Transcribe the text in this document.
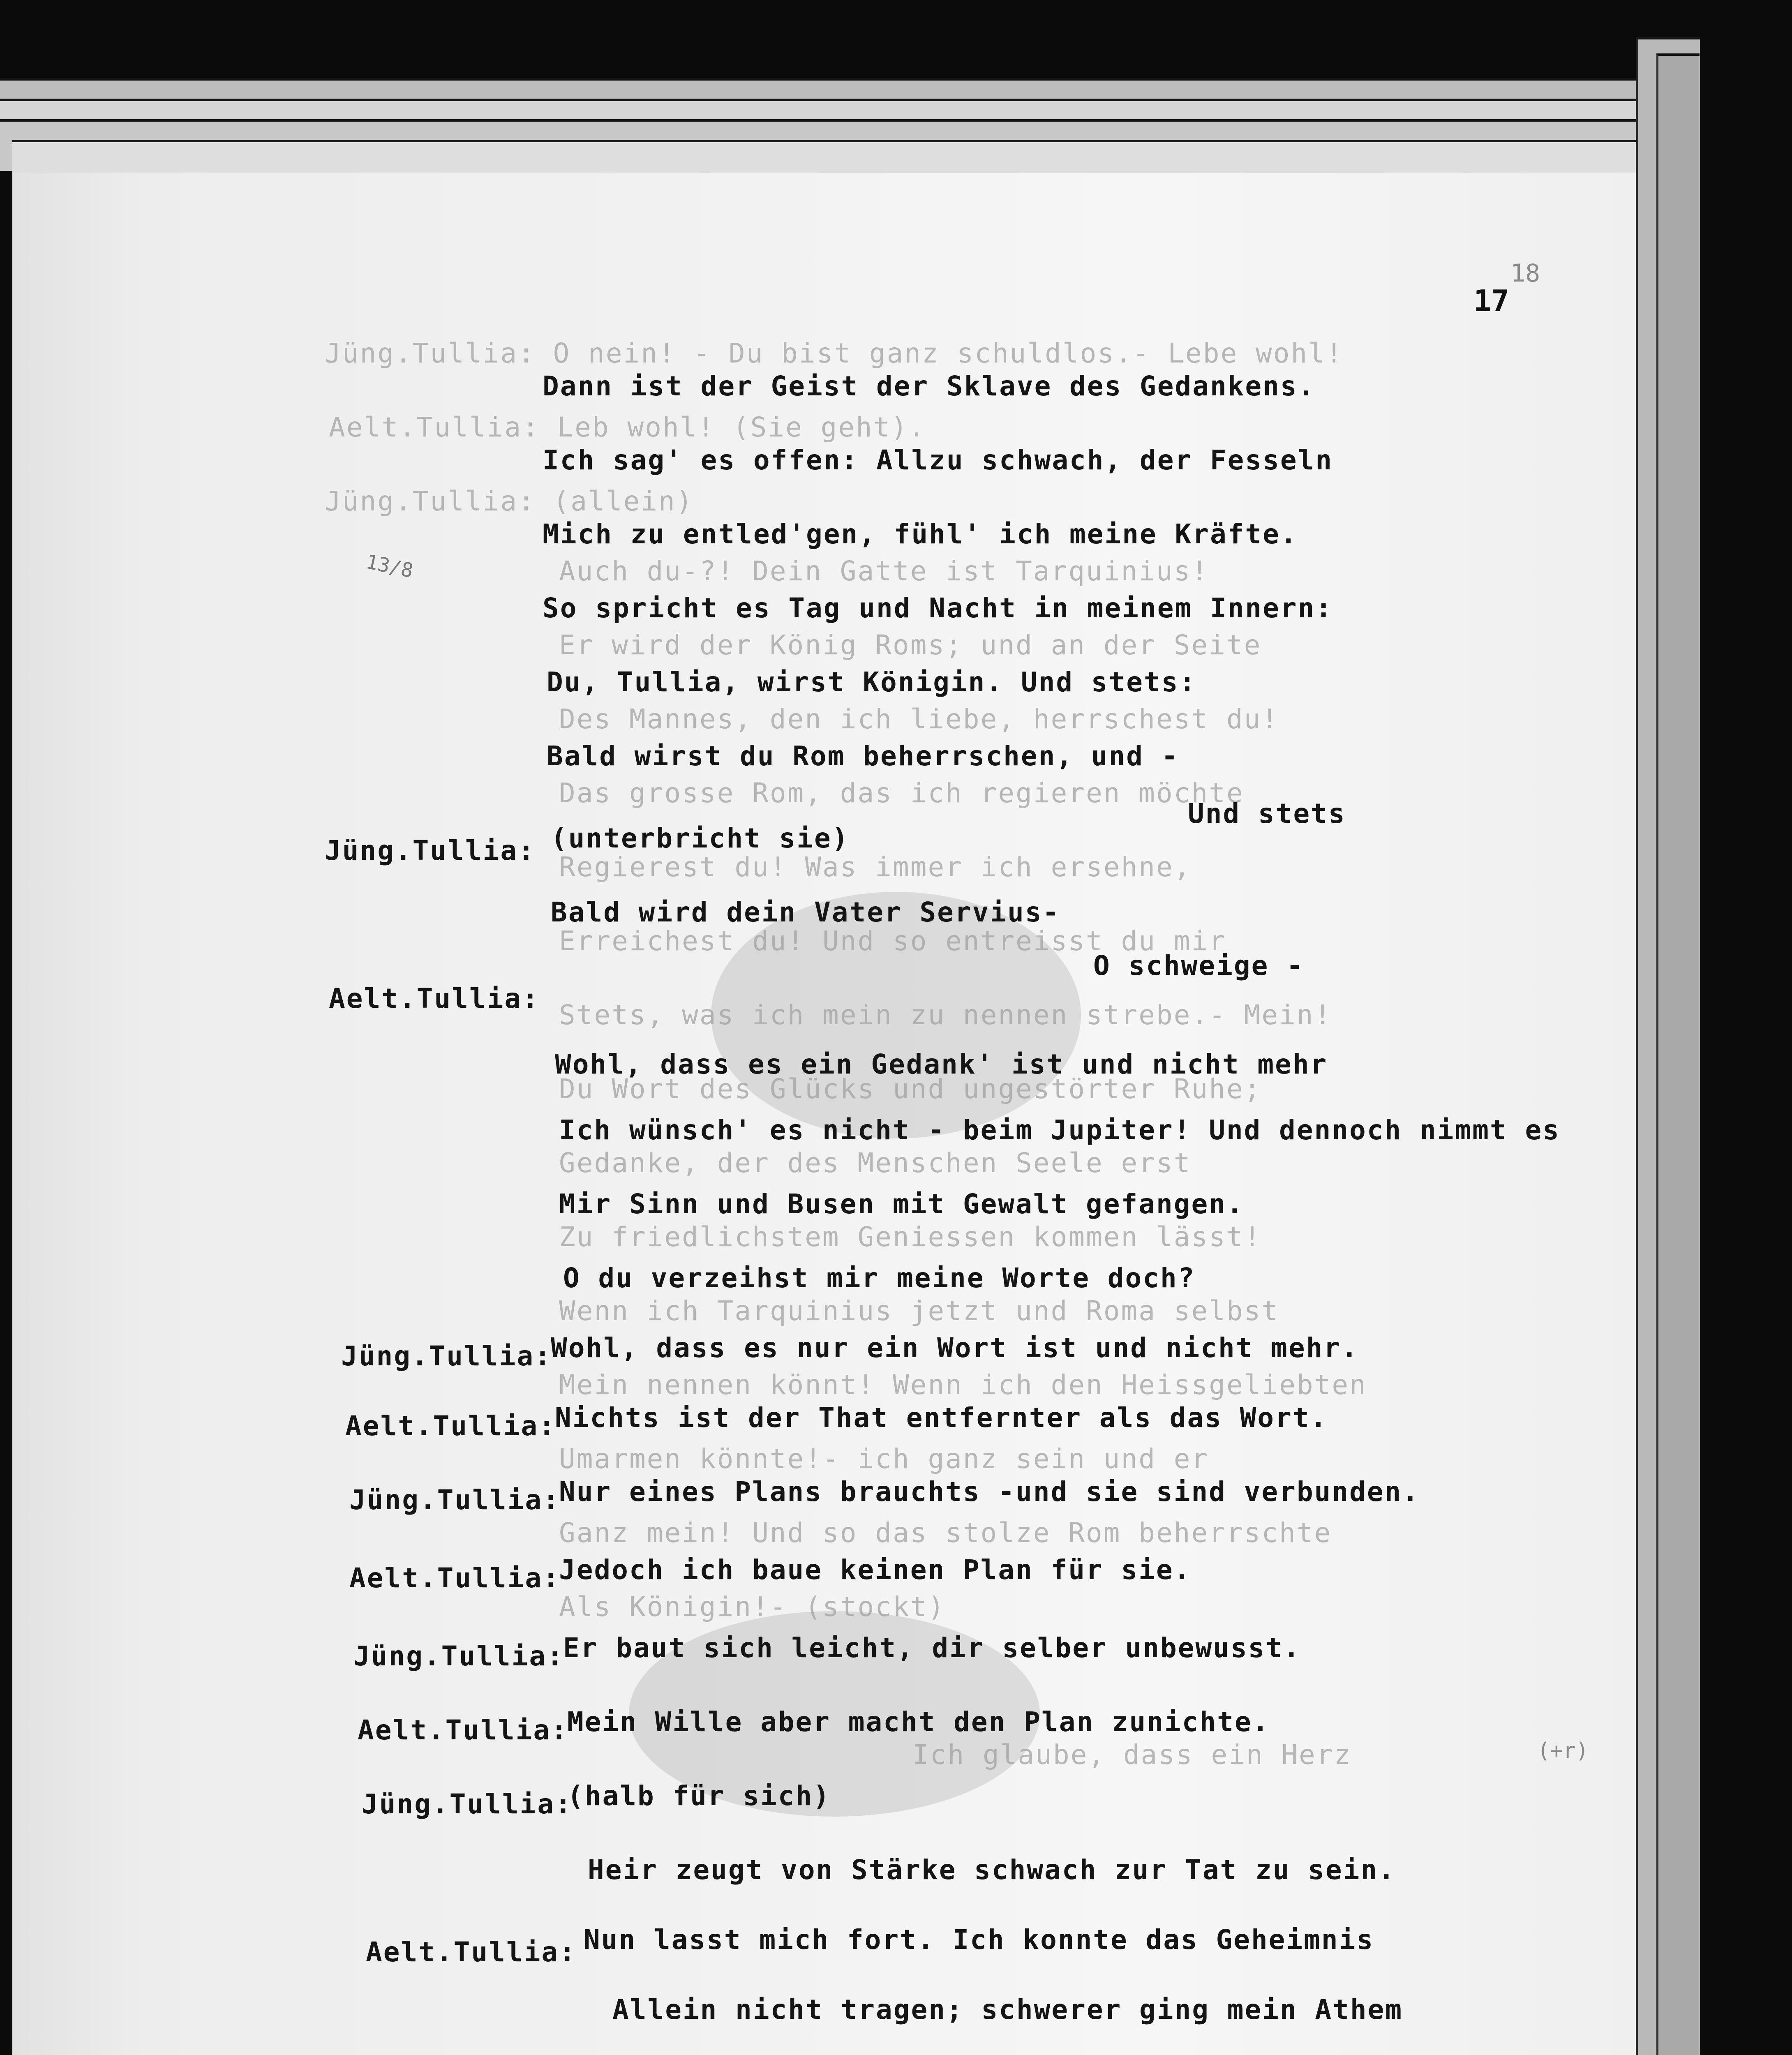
17
18
13/8
(+r)
Jüng.Tullia: O nein! - Du bist ganz schuldlos.- Lebe wohl!
Aelt.Tullia: Leb wohl! (Sie geht).
Jüng.Tullia: (allein)
Auch du-?! Dein Gatte ist Tarquinius!
Er wird der König Roms; und an der Seite
Des Mannes, den ich liebe, herrschest du!
Das grosse Rom, das ich regieren möchte
Regierest du! Was immer ich ersehne,
Erreichest du! Und so entreisst du mir
Stets, was ich mein zu nennen strebe.- Mein!
Du Wort des Glücks und ungestörter Ruhe;
Gedanke, der des Menschen Seele erst
Zu friedlichstem Geniessen kommen lässt!
Wenn ich Tarquinius jetzt und Roma selbst
Mein nennen könnt! Wenn ich den Heissgeliebten
Umarmen könnte!- ich ganz sein und er
Ganz mein! Und so das stolze Rom beherrschte
Als Königin!- (stockt)
Ich glaube, dass ein Herz
Dann ist der Geist der Sklave des Gedankens.
Ich sag' es offen: Allzu schwach, der Fesseln
Mich zu entled'gen, fühl' ich meine Kräfte.
So spricht es Tag und Nacht in meinem Innern:
Du, Tullia, wirst Königin. Und stets:
Bald wirst du Rom beherrschen, und -
Und stets
Jüng.Tullia: (unterbricht sie)
Bald wird dein Vater Servius-
O schweige -
Aelt.Tullia:
Wohl, dass es ein Gedank' ist und nicht mehr
Ich wünsch' es nicht - beim Jupiter! Und dennoch nimmt es
Mir Sinn und Busen mit Gewalt gefangen.
O du verzeihst mir meine Worte doch?
Jüng.Tullia:
Wohl, dass es nur ein Wort ist und nicht mehr.
Aelt.Tullia:
Nichts ist der That entfernter als das Wort.
Jüng.Tullia:
Nur eines Plans brauchts -und sie sind verbunden.
Aelt.Tullia:
Jedoch ich baue keinen Plan für sie.
Jüng.Tullia:
Er baut sich leicht, dir selber unbewusst.
Aelt.Tullia:
Mein Wille aber macht den Plan zunichte.
Jüng.Tullia:
(halb für sich)
Heir zeugt von Stärke schwach zur Tat zu sein.
Aelt.Tullia: Nun lasst mich fort. Ich konnte das Geheimnis
Allein nicht tragen; schwerer ging mein Athem
